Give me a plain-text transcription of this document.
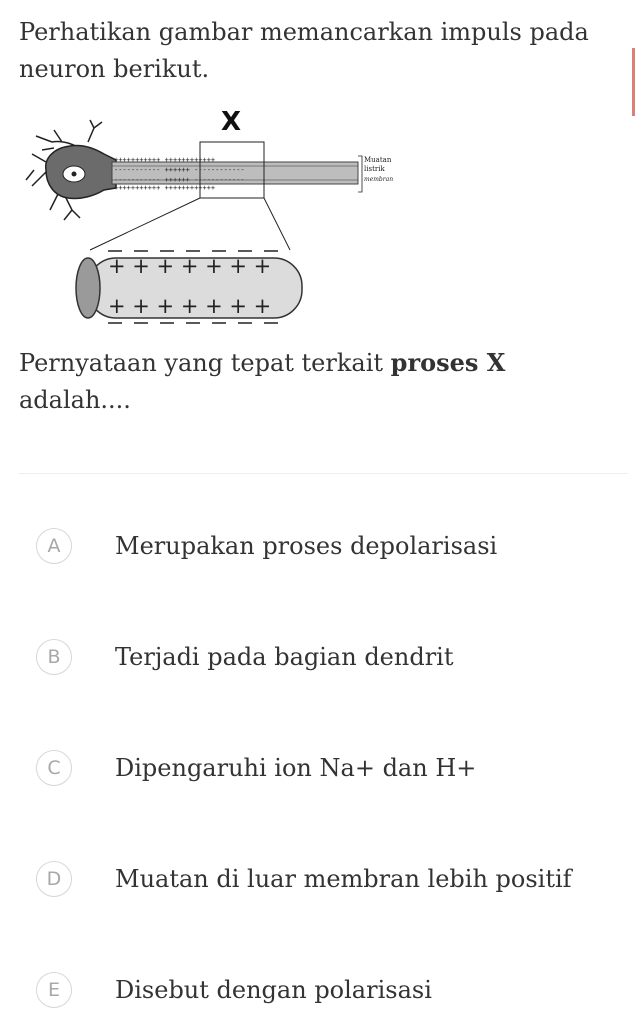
Perhatikan gambar memancarkan impuls pada
neuron berikut.
X
+++++++++++ ++++++++++++
----------- ++++++ ------------
----------- ++++++ ------------
+++++++++++ ++++++++++++
Muatan
listrik
membran
+ + + + + + +
+ + + + + + +

Pernyataan yang tepat terkait proses X adalah....

A	Merupakan proses depolarisasi
B	Terjadi pada bagian dendrit
C	Dipengaruhi ion Na+ dan H+
D	Muatan di luar membran lebih positif
E	Disebut dengan polarisasi
